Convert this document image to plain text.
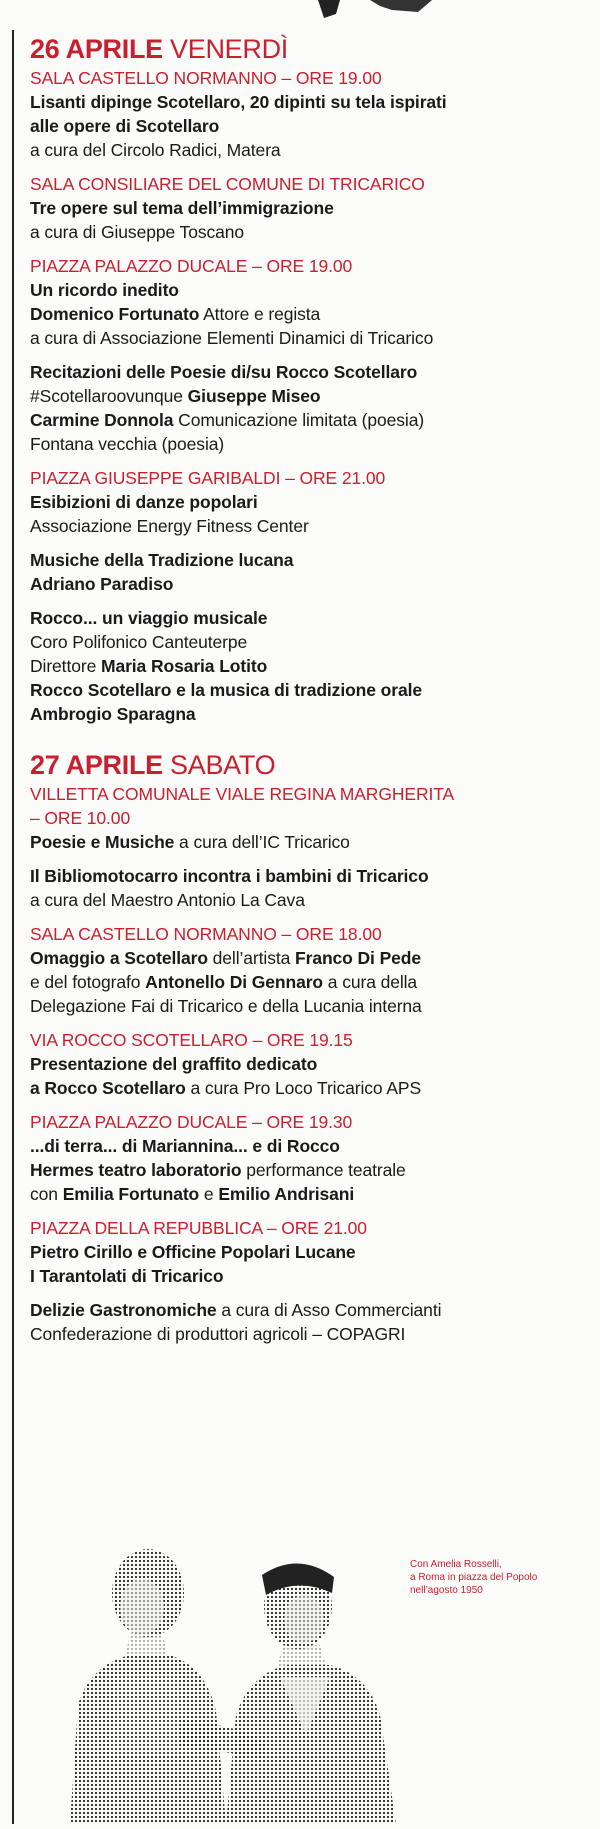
26 APRILE VENERDÌ
SALA CASTELLO NORMANNO – ORE 19.00
Lisanti dipinge Scotellaro, 20 dipinti su tela ispirati
alle opere di Scotellaro
a cura del Circolo Radici, Matera
SALA CONSILIARE DEL COMUNE DI TRICARICO
Tre opere sul tema dell’immigrazione
a cura di Giuseppe Toscano
PIAZZA PALAZZO DUCALE – ORE 19.00
Un ricordo inedito
Domenico Fortunato Attore e regista
a cura di Associazione Elementi Dinamici di Tricarico
Recitazioni delle Poesie di/su Rocco Scotellaro
#Scotellaroovunque Giuseppe Miseo
Carmine Donnola Comunicazione limitata (poesia)
Fontana vecchia (poesia)
PIAZZA GIUSEPPE GARIBALDI – ORE 21.00
Esibizioni di danze popolari
Associazione Energy Fitness Center
Musiche della Tradizione lucana
Adriano Paradiso
Rocco... un viaggio musicale
Coro Polifonico Canteuterpe
Direttore Maria Rosaria Lotito
Rocco Scotellaro e la musica di tradizione orale
Ambrogio Sparagna
27 APRILE SABATO
VILLETTA COMUNALE VIALE REGINA MARGHERITA
– ORE 10.00
Poesie e Musiche a cura dell’IC Tricarico
Il Bibliomotocarro incontra i bambini di Tricarico
a cura del Maestro Antonio La Cava
SALA CASTELLO NORMANNO – ORE 18.00
Omaggio a Scotellaro dell’artista Franco Di Pede
e del fotografo Antonello Di Gennaro a cura della
Delegazione Fai di Tricarico e della Lucania interna
VIA ROCCO SCOTELLARO – ORE 19.15
Presentazione del graffito dedicato
a Rocco Scotellaro a cura Pro Loco Tricarico APS
PIAZZA PALAZZO DUCALE – ORE 19.30
...di terra... di Mariannina... e di Rocco
Hermes teatro laboratorio performance teatrale
con Emilia Fortunato e Emilio Andrisani
PIAZZA DELLA REPUBBLICA – ORE 21.00
Pietro Cirillo e Officine Popolari Lucane
I Tarantolati di Tricarico
Delizie Gastronomiche a cura di Asso Commercianti
Confederazione di produttori agricoli – COPAGRI
Con Amelia Rosselli,
a Roma in piazza del Popolo
nell’agosto 1950
